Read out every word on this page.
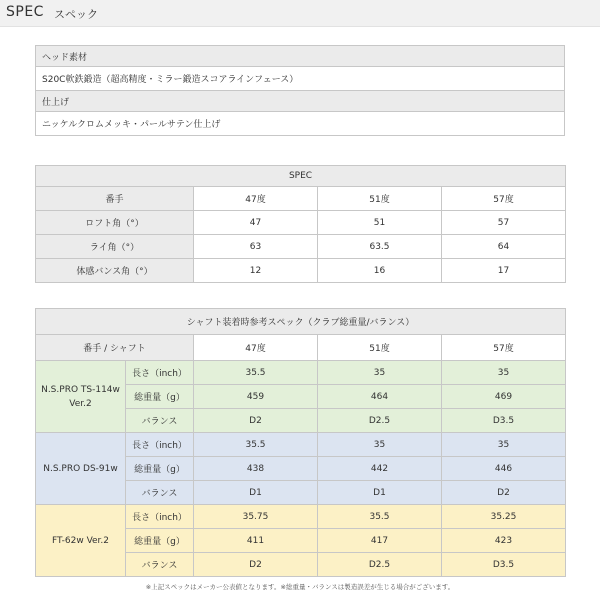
SPEC スペック
ヘッド素材
S20C軟鉄鍛造（超高精度・ミラー鍛造スコアラインフェース）
仕上げ
ニッケルクロムメッキ・パールサテン仕上げ
SPEC			
番手	47度	51度	57度
ロフト角（°）	47	51	57
ライ角（°）	63	63.5	64
体感バンス角（°）	12	16	17
シャフト装着時参考スペック（クラブ総重量/バランス）				
番手 / シャフト		47度	51度	57度
N.S.PRO TS-114w Ver.2	長さ（inch）	35.5	35	35
	総重量（g）	459	464	469
	バランス	D2	D2.5	D3.5
N.S.PRO DS-91w	長さ（inch）	35.5	35	35
	総重量（g）	438	442	446
	バランス	D1	D1	D2
FT-62w Ver.2	長さ（inch）	35.75	35.5	35.25
	総重量（g）	411	417	423
	バランス	D2	D2.5	D3.5
※上記スペックはメーカー公表値となります。※総重量・バランスは製造誤差が生じる場合がございます。
